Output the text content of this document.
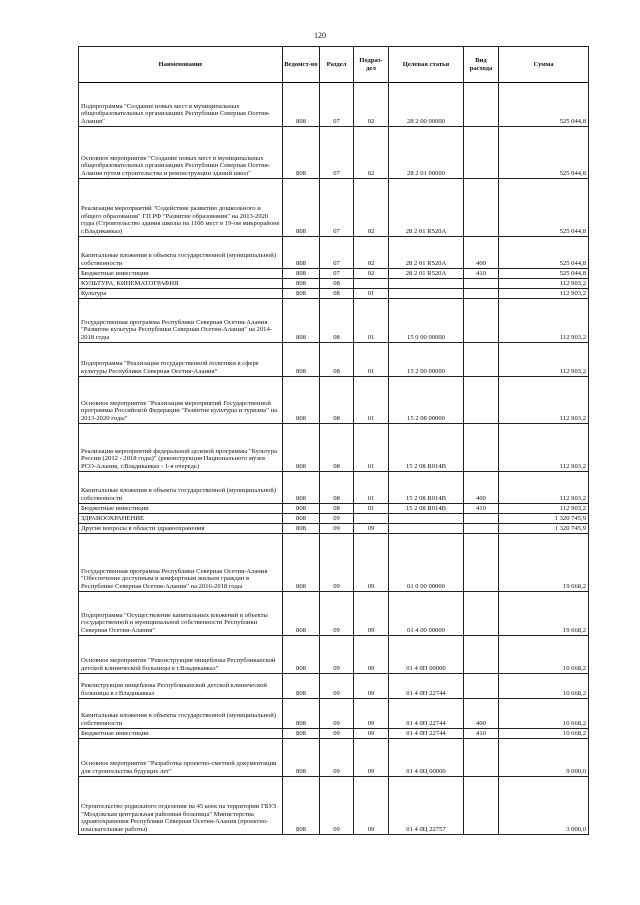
120
Наименование	Ведомст-во	Раздел	Подраз-дел	Целевая статья	Вид расхода	Сумма
Подпрограмма "Создание новых мест в муниципальных общеобразовательных организациях Республики Северная Осетия-Алания"	808	07	02	28 2 00 00000		525 044,8
Основное мероприятие "Создание новых мест в муниципальных общеобразовательных организациях Республики Северная Осетия-Алания путем строительства и реконструкции зданий школ"	808	07	02	28 2 01 00000		525 044,8
Реализация мероприятий "Содействие развитию дошкольного и общего образования" ГП РФ "Развитие образования" на 2013-2020 годы (Строительство здания школы на 1100 мест в 19-ом микрорайоне г.Владикавказ)	808	07	02	28 2 01 R520А		525 044,8
Капитальные вложения в объекты государственной (муниципальной) собственности	808	07	02	28 2 01 R520А	400	525 044,8
Бюджетные инвестиции	808	07	02	28 2 01 R520А	410	525 044,8
КУЛЬТУРА, КИНЕМАТОГРАФИЯ	808	08				112 903,2
Культура	808	08	01			112 903,2
Государственная программа Республики Северная Осетия-Алания "Развитие культуры Республики Северная Осетия-Алания" на 2014-2018 годы	808	08	01	15 0 00 00000		112 903,2
Подпрограмма "Реализация государственной политики в сфере культуры Республики Северная Осетия-Алания"	808	08	01	15 2 00 00000		112 903,2
Основное мероприятие "Реализация мероприятий Государственной программы Российской Федерации "Развитие культуры и туризма" на 2013-2020 годы"	808	08	01	15 2 08 00000		112 903,2
Реализация мероприятий федеральной целевой программы "Культура России (2012 - 2018 годы)" (реконструкция Национального музея РСО-Алания, г.Владикавказ - 1-я очередь)	808	08	01	15 2 08 R014В		112 903,2
Капитальные вложения в объекты государственной (муниципальной) собственности	808	08	01	15 2 08 R014В	400	112 903,2
Бюджетные инвестиции	808	08	01	15 2 08 R014В	410	112 903,2
ЗДРАВООХРАНЕНИЕ	808	09				1 320 745,9
Другие вопросы в области здравоохранения	808	09	09			1 320 745,9
Государственная программа Республики Северная Осетия-Алания "Обеспечение доступным и комфортным жильем граждан в Республике Северная Осетия-Алания" на 2016-2018 годы	808	09	09	01 0 00 00000		19 668,2
Подпрограмма "Осуществление капитальных вложений в объекты государственной и муниципальной собственности Республики Северная Осетия-Алания"	808	09	09	01 4 00 00000		19 668,2
Основное мероприятие "Реконструкция пищеблока Республиканской детской клинической больницы в г.Владикавказ"	808	09	09	01 4 0П 00000		10 668,2
Реконструкция пищеблока Республиканской детской клинической больницы в г.Владикавказ	808	09	09	01 4 0П 22744		10 668,2
Капитальные вложения в объекты государственной (муниципальной) собственности	808	09	09	01 4 0П 22744	400	10 668,2
Бюджетные инвестиции	808	09	09	01 4 0П 22744	410	10 668,2
Основное мероприятие "Разработка проектно-сметной документации для строительства будущих лет"	808	09	09	01 4 0Ц 00000		9 000,0
Строительство родильного отделения на 45 коек на территории ГБУЗ "Моздокская центральная районная больница" Министерства здравоохранения Республики Северная Осетия-Алания (проектно-изыскательные работы)	808	09	09	01 4 0Ц 22757		3 000,0
